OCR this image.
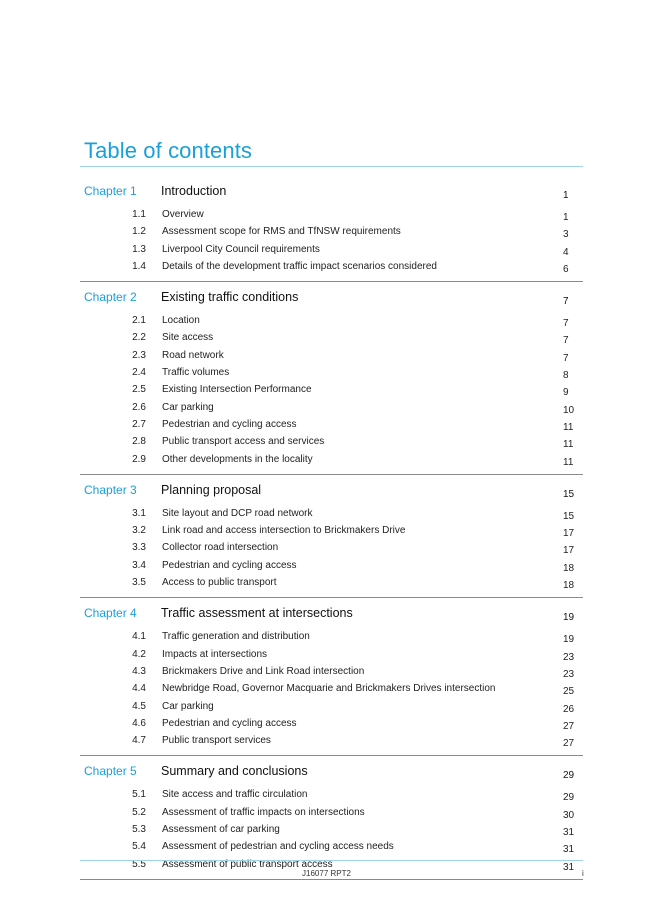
Table of contents
Chapter 1	Introduction	1
1.1	Overview	1
1.2	Assessment scope for RMS and TfNSW requirements	3
1.3	Liverpool City Council requirements	4
1.4	Details of the development traffic impact scenarios considered	6
Chapter 2	Existing traffic conditions	7
2.1	Location	7
2.2	Site access	7
2.3	Road network	7
2.4	Traffic volumes	8
2.5	Existing Intersection Performance	9
2.6	Car parking	10
2.7	Pedestrian and cycling access	11
2.8	Public transport access and services	11
2.9	Other developments in the locality	11
Chapter 3	Planning proposal	15
3.1	Site layout and DCP road network	15
3.2	Link road and access intersection to Brickmakers Drive	17
3.3	Collector road intersection	17
3.4	Pedestrian and cycling access	18
3.5	Access to public transport	18
Chapter 4	Traffic assessment at intersections	19
4.1	Traffic generation and distribution	19
4.2	Impacts at intersections	23
4.3	Brickmakers Drive and Link Road intersection	23
4.4	Newbridge Road, Governor Macquarie and Brickmakers Drives intersection	25
4.5	Car parking	26
4.6	Pedestrian and cycling access	27
4.7	Public transport services	27
Chapter 5	Summary and conclusions	29
5.1	Site access and traffic circulation	29
5.2	Assessment of traffic impacts on intersections	30
5.3	Assessment of car parking	31
5.4	Assessment of pedestrian and cycling access needs	31
5.5	Assessment of public transport access	31
J16077 RPT2	i
